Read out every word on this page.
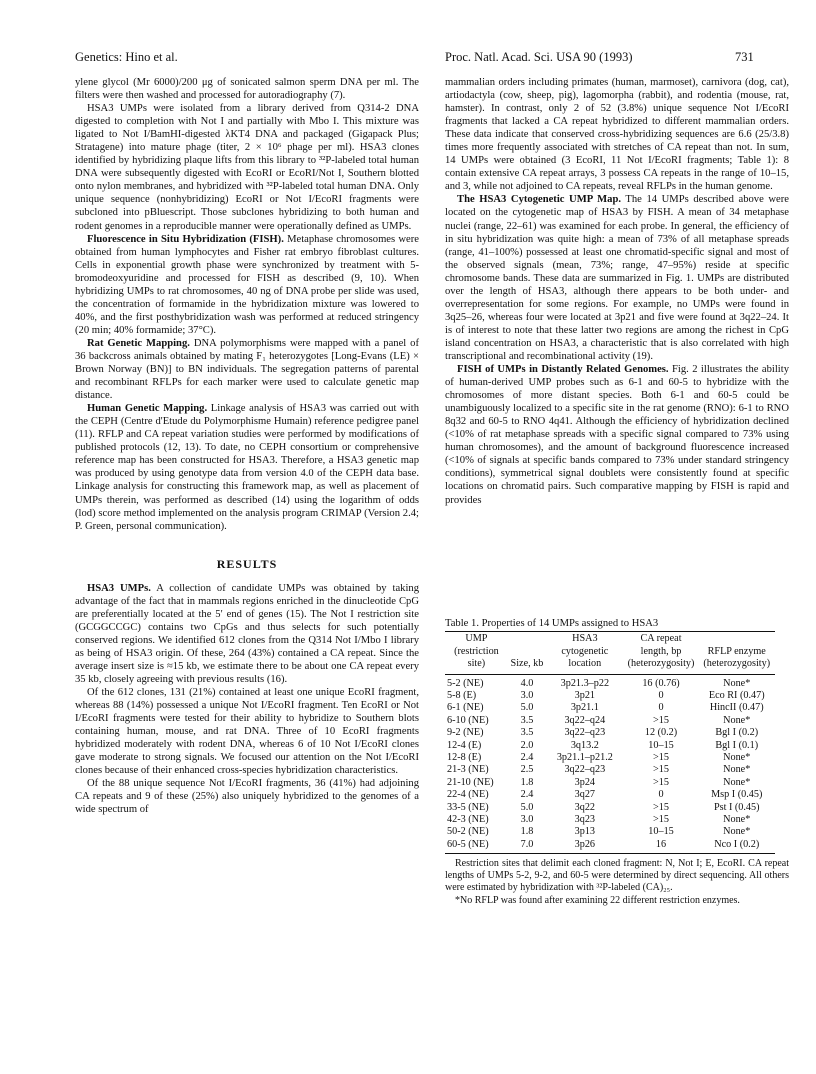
Genetics: Hino et al.	Proc. Natl. Acad. Sci. USA 90 (1993)	731

ylene glycol (Mr 6000)/200 μg of sonicated salmon sperm DNA per ml. The filters were then washed and processed for autoradiography (7).

HSA3 UMPs were isolated from a library derived from Q314-2 DNA digested to completion with Not I and partially with Mbo I. This mixture was ligated to Not I/BamHI-digested λKT4 DNA and packaged (Gigapack Plus; Stratagene) into mature phage (titer, 2 × 10⁶ phage per ml). HSA3 clones identified by hybridizing plaque lifts from this library to ³²P-labeled total human DNA were subsequently digested with EcoRI or EcoRI/Not I, Southern blotted onto nylon membranes, and hybridized with ³²P-labeled total human DNA. Only unique sequence (nonhybridizing) EcoRI or Not I/EcoRI fragments were subcloned into pBluescript. Those subclones hybridizing to both human and rodent genomes in a reproducible manner were operationally defined as UMPs.

Fluorescence in Situ Hybridization (FISH). Metaphase chromosomes were obtained from human lymphocytes and Fisher rat embryo fibroblast cultures. Cells in exponential growth phase were synchronized by treatment with 5-bromodeoxyuridine and processed for FISH as described (9, 10). When hybridizing UMPs to rat chromosomes, 40 ng of DNA probe per slide was used, the concentration of formamide in the hybridization mixture was lowered to 40%, and the first posthybridization wash was performed at reduced stringency (20 min; 40% formamide; 37°C).

Rat Genetic Mapping. DNA polymorphisms were mapped with a panel of 36 backcross animals obtained by mating F₁ heterozygotes [Long-Evans (LE) × Brown Norway (BN)] to BN individuals. The segregation patterns of parental and recombinant RFLPs for each marker were used to calculate genetic map distance.

Human Genetic Mapping. Linkage analysis of HSA3 was carried out with the CEPH (Centre d'Etude du Polymorphisme Humain) reference pedigree panel (11). RFLP and CA repeat variation studies were performed by modifications of published protocols (12, 13). To date, no CEPH consortium or comprehensive reference map has been constructed for HSA3. Therefore, a HSA3 genetic map was produced by using genotype data from version 4.0 of the CEPH data base. Linkage analysis for constructing this framework map, as well as placement of UMPs therein, was performed as described (14) using the logarithm of odds (lod) score method implemented on the analysis program CRIMAP (Version 2.4; P. Green, personal communication).

RESULTS

HSA3 UMPs. A collection of candidate UMPs was obtained by taking advantage of the fact that in mammals regions enriched in the dinucleotide CpG are preferentially located at the 5′ end of genes (15). The Not I restriction site (GCGGCCGC) contains two CpGs and thus selects for such potentially conserved regions. We identified 612 clones from the Q314 Not I/Mbo I library as being of HSA3 origin. Of these, 264 (43%) contained a CA repeat. Since the average insert size is ≈15 kb, we estimate there to be about one CA repeat every 35 kb, closely agreeing with previous results (16).

Of the 612 clones, 131 (21%) contained at least one unique EcoRI fragment, whereas 88 (14%) possessed a unique Not I/EcoRI fragment. Ten EcoRI or Not I/EcoRI fragments were tested for their ability to hybridize to Southern blots containing human, mouse, and rat DNA. Three of 10 EcoRI fragments hybridized moderately with rodent DNA, whereas 6 of 10 Not I/EcoRI clones gave moderate to strong signals. We focused our attention on the Not I/EcoRI clones because of their enhanced cross-species hybridization characteristics.

Of the 88 unique sequence Not I/EcoRI fragments, 36 (41%) had adjoining CA repeats and 9 of these (25%) also uniquely hybridized to the genomes of a wide spectrum of

mammalian orders including primates (human, marmoset), carnivora (dog, cat), artiodactyla (cow, sheep, pig), lagomorpha (rabbit), and rodentia (mouse, rat, hamster). In contrast, only 2 of 52 (3.8%) unique sequence Not I/EcoRI fragments that lacked a CA repeat hybridized to different mammalian orders. These data indicate that conserved cross-hybridizing sequences are 6.6 (25/3.8) times more frequently associated with stretches of CA repeat than not. In sum, 14 UMPs were obtained (3 EcoRI, 11 Not I/EcoRI fragments; Table 1): 8 contain extensive CA repeat arrays, 3 possess CA repeats in the range of 10–15, and 3, while not adjoined to CA repeats, reveal RFLPs in the human genome.

The HSA3 Cytogenetic UMP Map. The 14 UMPs described above were located on the cytogenetic map of HSA3 by FISH. A mean of 34 metaphase nuclei (range, 22–61) was examined for each probe. In general, the efficiency of in situ hybridization was quite high: a mean of 73% of all metaphase spreads (range, 41–100%) possessed at least one chromatid-specific signal and most of the observed signals (mean, 73%; range, 47–95%) reside at specific chromosome bands. These data are summarized in Fig. 1. UMPs are distributed over the length of HSA3, although there appears to be both under- and overrepresentation for some regions. For example, no UMPs were found in 3q25–26, whereas four were located at 3p21 and five were found at 3q22–24. It is of interest to note that these latter two regions are among the richest in CpG island concentration on HSA3, a characteristic that is also correlated with high transcriptional and recombinational activity (19).

FISH of UMPs in Distantly Related Genomes. Fig. 2 illustrates the ability of human-derived UMP probes such as 6-1 and 60-5 to hybridize with the chromosomes of more distant species. Both 6-1 and 60-5 could be unambiguously localized to a specific site in the rat genome (RNO): 6-1 to RNO 8q32 and 60-5 to RNO 4q41. Although the efficiency of hybridization declined (<10% of rat metaphase spreads with a specific signal compared to 73% using human chromosomes), and the amount of background fluorescence increased (<10% of signals at specific bands compared to 73% under standard stringency conditions), symmetrical signal doublets were consistently found at specific locations on chromatid pairs. Such comparative mapping by FISH is rapid and provides

Table 1. Properties of 14 UMPs assigned to HSA3
UMP (restriction site)	Size, kb	HSA3 cytogenetic location	CA repeat length, bp (heterozygosity)	RFLP enzyme (heterozygosity)
5-2 (NE)	4.0	3p21.3–p22	16 (0.76)	None*
5-8 (E)	3.0	3p21	0	Eco RI (0.47)
6-1 (NE)	5.0	3p21.1	0	HincII (0.47)
6-10 (NE)	3.5	3q22–q24	>15	None*
9-2 (NE)	3.5	3q22–q23	12 (0.2)	Bgl I (0.2)
12-4 (E)	2.0	3q13.2	10–15	Bgl I (0.1)
12-8 (E)	2.4	3p21.1–p21.2	>15	None*
21-3 (NE)	2.5	3q22–q23	>15	None*
21-10 (NE)	1.8	3p24	>15	None*
22-4 (NE)	2.4	3q27	0	Msp I (0.45)
33-5 (NE)	5.0	3q22	>15	Pst I (0.45)
42-3 (NE)	3.0	3q23	>15	None*
50-2 (NE)	1.8	3p13	10–15	None*
60-5 (NE)	7.0	3p26	16	Nco I (0.2)
Restriction sites that delimit each cloned fragment: N, Not I; E, EcoRI. CA repeat lengths of UMPs 5-2, 9-2, and 60-5 were determined by direct sequencing. All others were estimated by hybridization with ³²P-labeled (CA)₂₅.
*No RFLP was found after examining 22 different restriction enzymes.
